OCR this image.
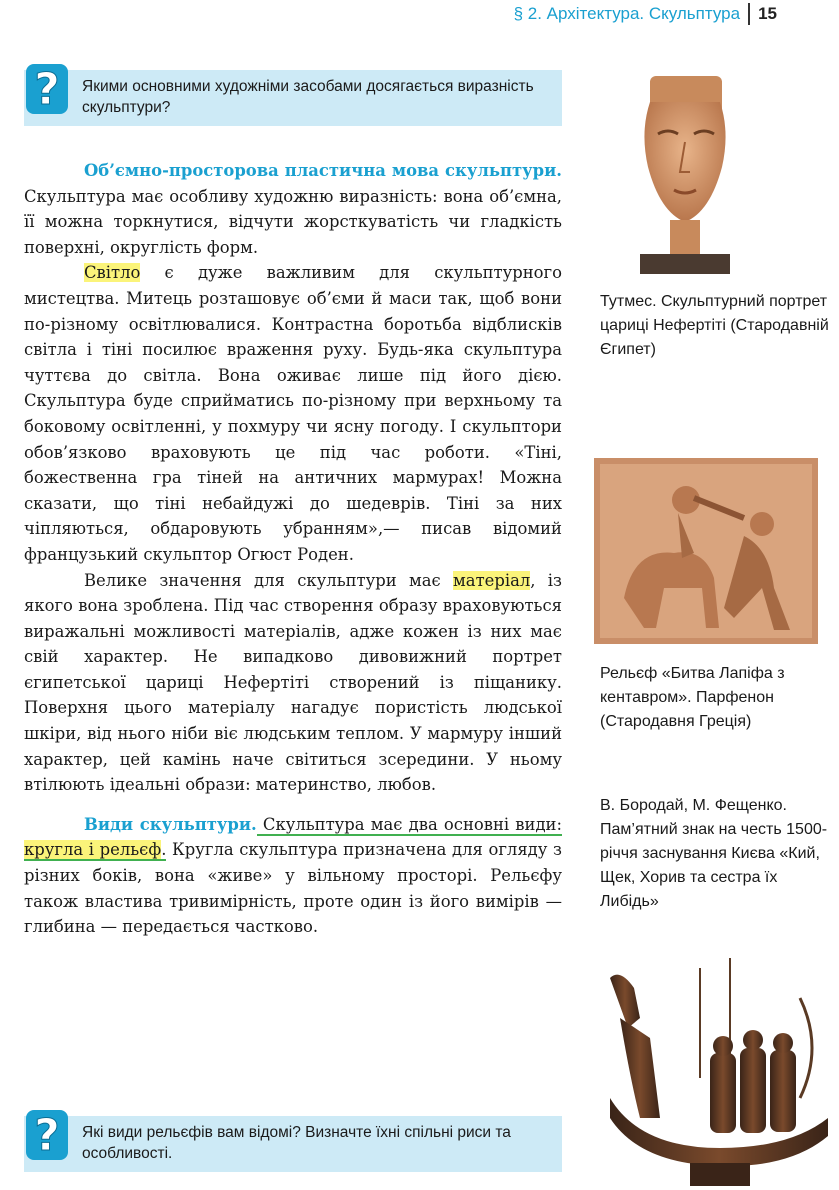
§ 2. Архітектура. Скульптура 15
? Якими основними художніми засобами досягається виразність скульптури?

Об’ємно-просторова пластична мова скульптури. Скульптура має особливу художню виразність: вона об’ємна, її можна торкнутися, відчути жорсткуватість чи гладкість поверхні, округлість форм.

Світло є дуже важливим для скульптурного мистецтва. Митець розташовує об’єми й маси так, щоб вони по-різному освітлювалися. Контрастна боротьба відблисків світла і тіні посилює враження руху. Будь-яка скульптура чуттєва до світла. Вона оживає лише під його дією. Скульптура буде сприйматись по-різному при верхньому та боковому освітленні, у похмуру чи ясну погоду. І скульптори обов’язково враховують це під час роботи. «Тіні, божественна гра тіней на античних мармурах! Можна сказати, що тіні небайдужі до шедеврів. Тіні за них чіпляються, обдаровують убранням»,— писав відомий французький скульптор Огюст Роден.

Велике значення для скульптури має матеріал, із якого вона зроблена. Під час створення образу враховуються виражальні можливості матеріалів, адже кожен із них має свій характер. Не випадково дивовижний портрет єгипетської цариці Нефертіті створений із піщанику. Поверхня цього матеріалу нагадує пористість людської шкіри, від нього ніби віє людським теплом. У мармуру інший характер, цей камінь наче світиться зсередини. У ньому втілюють ідеальні образи: материнство, любов.

Види скульптури. Скульптура має два основні види: кругла і рельєф. Кругла скульптура призначена для огляду з різних боків, вона «живе» у вільному просторі. Рельєфу також властива тривимірність, проте один із його вимірів — глибина — передається частково.

? Які види рельєфів вам відомі? Визначте їхні спільні риси та особливості.
Тутмес. Скульптурний портрет цариці Нефертіті (Стародавній Єгипет)
Рельєф «Битва Лапіфа з кентавром». Парфенон (Стародавня Греція)
В. Бородай, М. Фещенко. Пам’ятний знак на честь 1500-річчя заснування Києва «Кий, Щек, Хорив та сестра їх Либідь»
